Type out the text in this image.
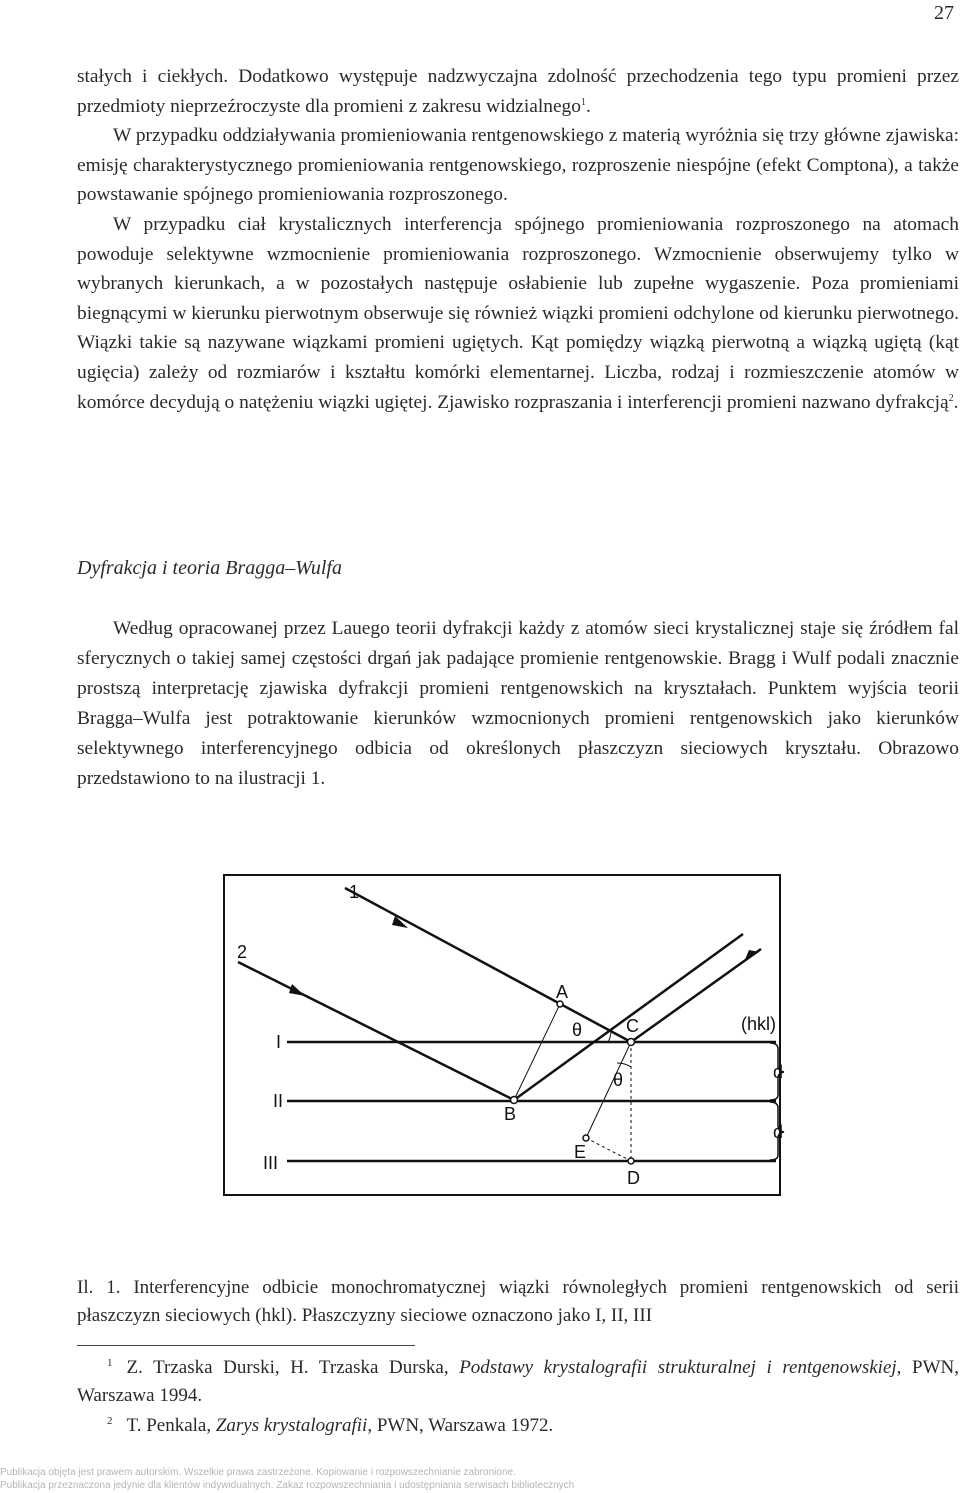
27

stałych i ciekłych. Dodatkowo występuje nadzwyczajna zdolność przechodzenia tego typu promieni przez przedmioty nieprzeźroczyste dla promieni z zakresu widzialnego$^1$.

W przypadku oddziaływania promieniowania rentgenowskiego z materią wyróżnia się trzy główne zjawiska: emisję charakterystycznego promieniowania rentgenowskiego, rozproszenie niespójne (efekt Comptona), a także powstawanie spójnego promieniowania rozproszonego.

W przypadku ciał krystalicznych interferencja spójnego promieniowania rozproszonego na atomach powoduje selektywne wzmocnienie promieniowania rozproszonego. Wzmocnienie obserwujemy tylko w wybranych kierunkach, a w pozostałych następuje osłabienie lub zupełne wygaszenie. Poza promieniami biegnącymi w kierunku pierwotnym obserwuje się również wiązki promieni odchylone od kierunku pierwotnego. Wiązki takie są nazywane wiązkami promieni ugiętych. Kąt pomiędzy wiązką pierwotną a wiązką ugiętą (kąt ugięcia) zależy od rozmiarów i kształtu komórki elementarnej. Liczba, rodzaj i rozmieszczenie atomów w komórce decydują o natężeniu wiązki ugiętej. Zjawisko rozpraszania i interferencji promieni nazwano dyfrakcją$^2$.

Dyfrakcja i teoria Bragga–Wulfa

Według opracowanej przez Lauego teorii dyfrakcji każdy z atomów sieci krystalicznej staje się źródłem fal sferycznych o takiej samej częstości drgań jak padające promienie rentgenowskie. Bragg i Wulf podali znacznie prostszą interpretację zjawiska dyfrakcji promieni rentgenowskich na kryształach. Punktem wyjścia teorii Bragga–Wulfa jest potraktowanie kierunków wzmocnionych promieni rentgenowskich jako kierunków selektywnego interferencyjnego odbicia od określonych płaszczyzn sieciowych kryształu. Obrazowo przedstawiono to na ilustracji 1.

1
2
I
II
III
A
C
B
E
D
θ
θ
(hkl)
d
d

Il. 1. Interferencyjne odbicie monochromatycznej wiązki równoległych promieni rentgenowskich od serii płaszczyzn sieciowych (hkl). Płaszczyzny sieciowe oznaczono jako I, II, III

$^1$ Z. Trzaska Durski, H. Trzaska Durska, Podstawy krystalografii strukturalnej i rentgenowskiej, PWN, Warszawa 1994.

$^2$ T. Penkala, Zarys krystalografii, PWN, Warszawa 1972.

Publikacja objęta jest prawem autorskim. Wszelkie prawa zastrzeżone. Kopiowanie i rozpowszechnianie zabronione.
Publikacja przeznaczona jedynie dla klientów indywidualnych. Zakaz rozpowszechniania i udostępniania serwisach bibliotecznych
